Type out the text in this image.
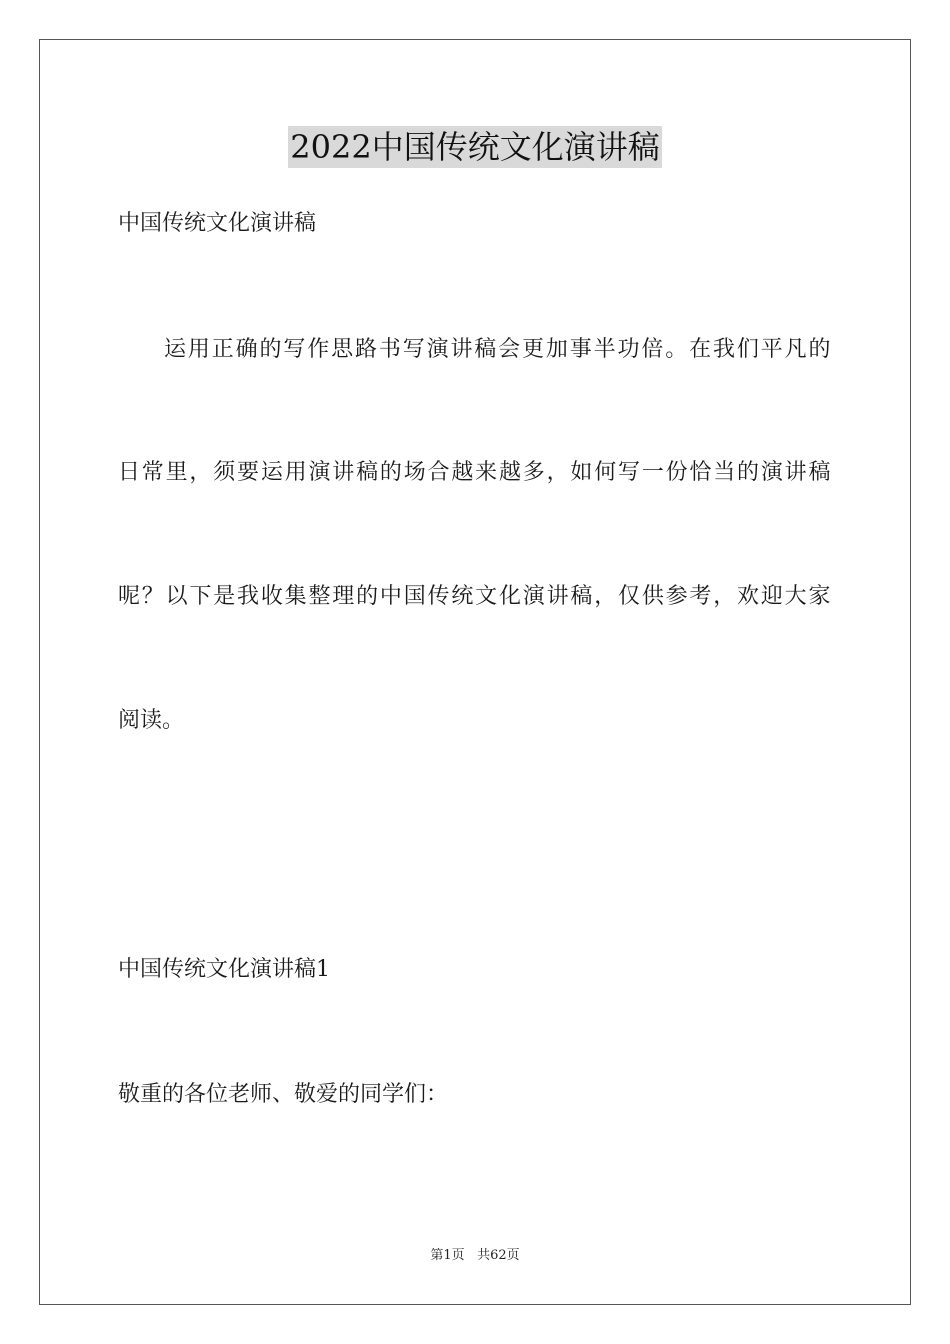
2022中国传统文化演讲稿
中国传统文化演讲稿
运用正确的写作思路书写演讲稿会更加事半功倍。在我们平凡的
日常里，须要运用演讲稿的场合越来越多，如何写一份恰当的演讲稿
呢？以下是我收集整理的中国传统文化演讲稿，仅供参考，欢迎大家
阅读。
中国传统文化演讲稿1
敬重的各位老师、敬爱的同学们：
第1页 共62页
